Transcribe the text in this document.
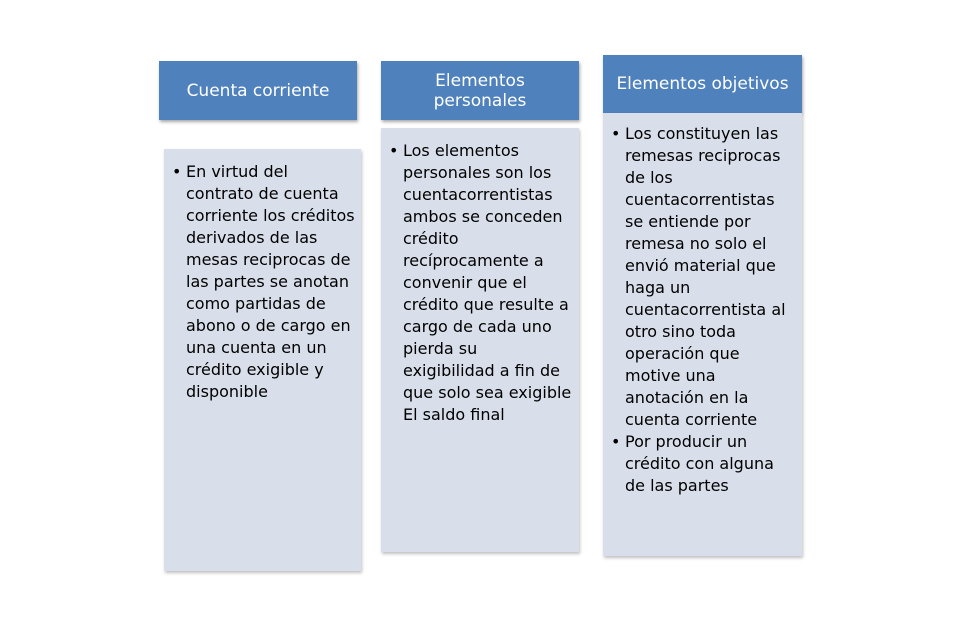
Cuenta corriente
• En virtud del contrato de cuenta corriente los créditos derivados de las mesas reciprocas de las partes se anotan como partidas de abono o de cargo en una cuenta en un crédito exigible y disponible
Elementos personales
• Los elementos personales son los cuentacorrentistas ambos se conceden crédito recíprocamente a convenir que el crédito que resulte a cargo de cada uno pierda su exigibilidad a fin de que solo sea exigible El saldo final
Elementos objetivos
• Los constituyen las remesas reciprocas de los cuentacorrentistas se entiende por remesa no solo el envió material que haga un cuentacorrentista al otro sino toda operación que motive una anotación en la cuenta corriente
• Por producir un crédito con alguna de las partes
